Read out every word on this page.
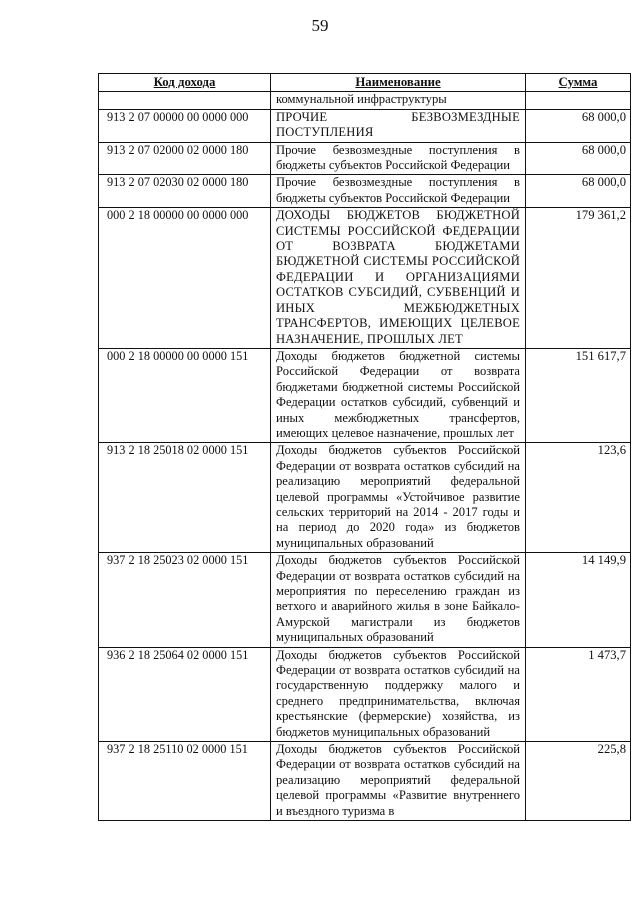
59
Код дохода	Наименование	Сумма
	коммунальной инфраструктуры	
913 2 07 00000 00 0000 000	ПРОЧИЕ БЕЗВОЗМЕЗДНЫЕ ПОСТУПЛЕНИЯ	68 000,0
913 2 07 02000 02 0000 180	Прочие безвозмездные поступления в бюджеты субъектов Российской Федерации	68 000,0
913 2 07 02030 02 0000 180	Прочие безвозмездные поступления в бюджеты субъектов Российской Федерации	68 000,0
000 2 18 00000 00 0000 000	ДОХОДЫ БЮДЖЕТОВ БЮДЖЕТНОЙ СИСТЕМЫ РОССИЙСКОЙ ФЕДЕРАЦИИ ОТ ВОЗВРАТА БЮДЖЕТАМИ БЮДЖЕТНОЙ СИСТЕМЫ РОССИЙСКОЙ ФЕДЕРАЦИИ И ОРГАНИЗАЦИЯМИ ОСТАТКОВ СУБСИДИЙ, СУБВЕНЦИЙ И ИНЫХ МЕЖБЮДЖЕТНЫХ ТРАНСФЕРТОВ, ИМЕЮЩИХ ЦЕЛЕВОЕ НАЗНАЧЕНИЕ, ПРОШЛЫХ ЛЕТ	179 361,2
000 2 18 00000 00 0000 151	Доходы бюджетов бюджетной системы Российской Федерации от возврата бюджетами бюджетной системы Российской Федерации остатков субсидий, субвенций и иных межбюджетных трансфертов, имеющих целевое назначение, прошлых лет	151 617,7
913 2 18 25018 02 0000 151	Доходы бюджетов субъектов Российской Федерации от возврата остатков субсидий на реализацию мероприятий федеральной целевой программы «Устойчивое развитие сельских территорий на 2014 - 2017 годы и на период до 2020 года» из бюджетов муниципальных образований	123,6
937 2 18 25023 02 0000 151	Доходы бюджетов субъектов Российской Федерации от возврата остатков субсидий на мероприятия по переселению граждан из ветхого и аварийного жилья в зоне Байкало-Амурской магистрали из бюджетов муниципальных образований	14 149,9
936 2 18 25064 02 0000 151	Доходы бюджетов субъектов Российской Федерации от возврата остатков субсидий на государственную поддержку малого и среднего предпринимательства, включая крестьянские (фермерские) хозяйства, из бюджетов муниципальных образований	1 473,7
937 2 18 25110 02 0000 151	Доходы бюджетов субъектов Российской Федерации от возврата остатков субсидий на реализацию мероприятий федеральной целевой программы «Развитие внутреннего и въездного туризма в	225,8
